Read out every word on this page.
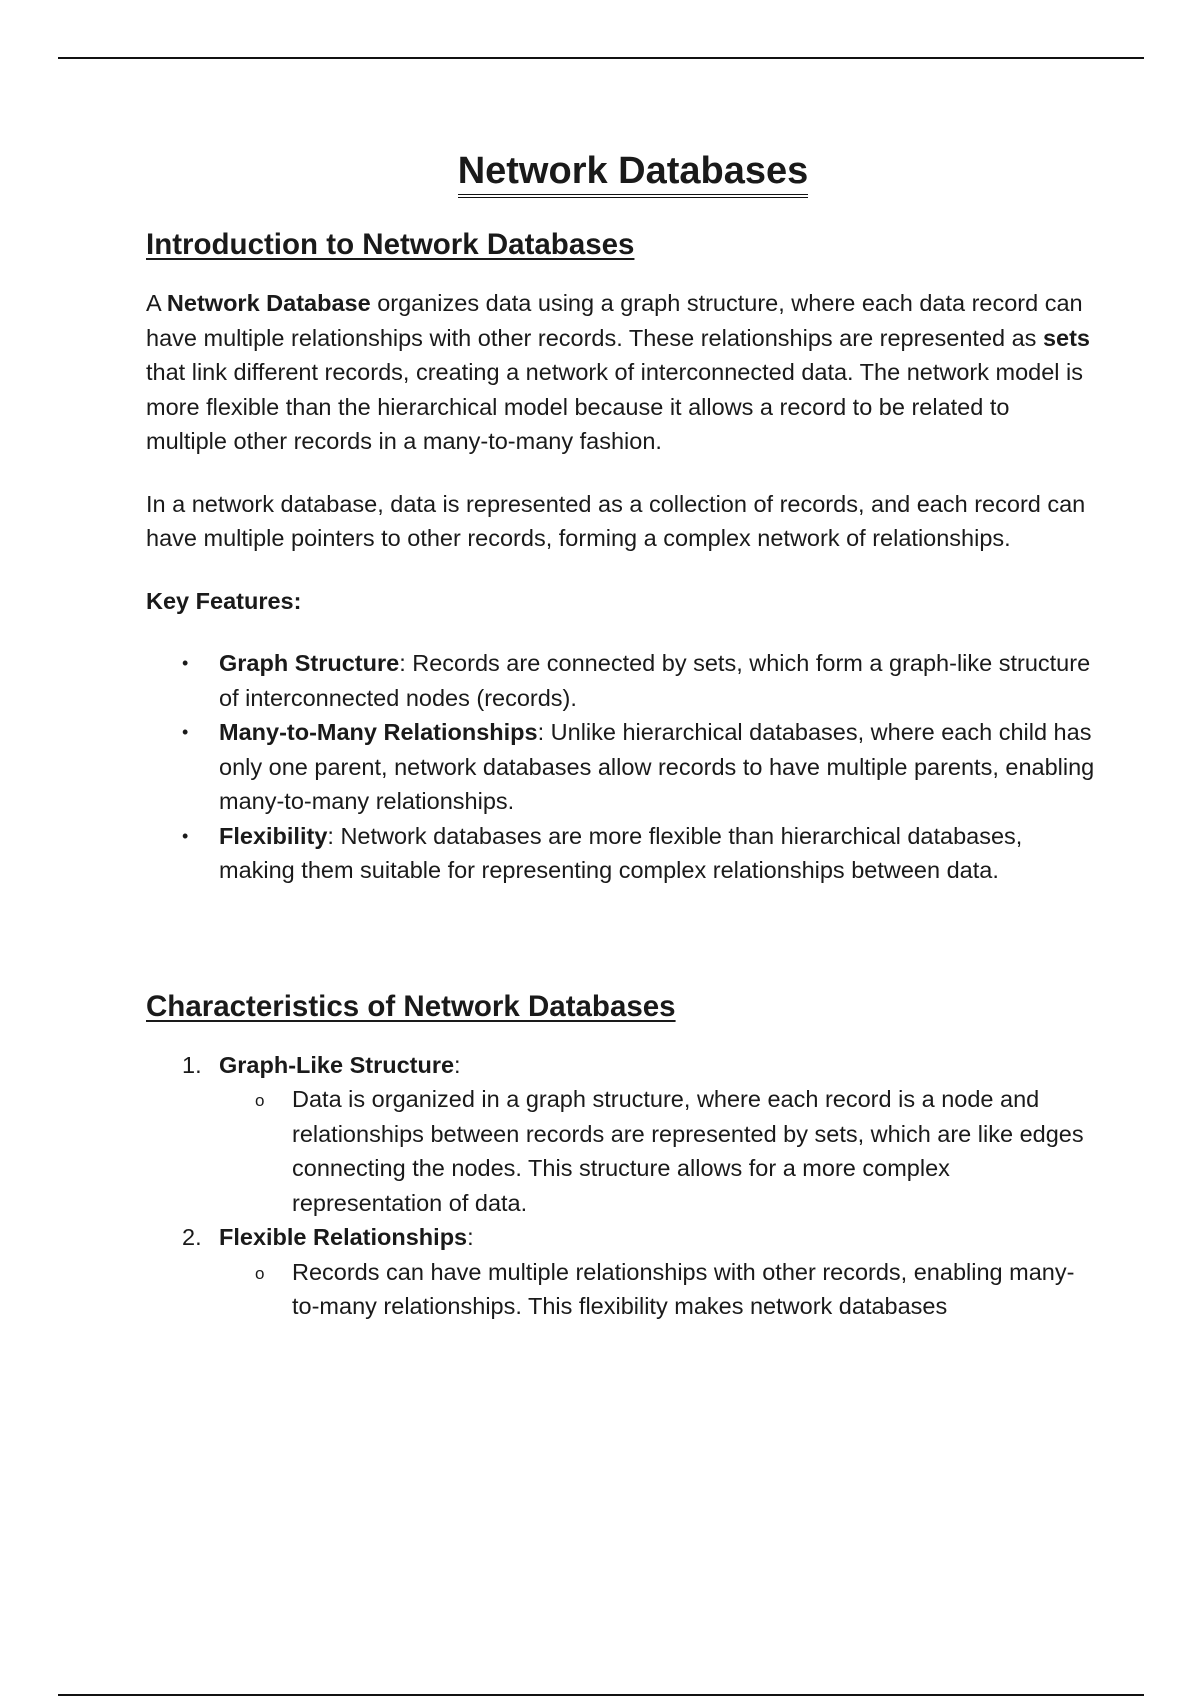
Network Databases
Introduction to Network Databases

A Network Database organizes data using a graph structure, where each data record can have multiple relationships with other records. These relationships are represented as sets that link different records, creating a network of interconnected data. The network model is more flexible than the hierarchical model because it allows a record to be related to multiple other records in a many-to-many fashion.

In a network database, data is represented as a collection of records, and each record can have multiple pointers to other records, forming a complex network of relationships.

Key Features:

• Graph Structure: Records are connected by sets, which form a graph-like structure of interconnected nodes (records).
• Many-to-Many Relationships: Unlike hierarchical databases, where each child has only one parent, network databases allow records to have multiple parents, enabling many-to-many relationships.
• Flexibility: Network databases are more flexible than hierarchical databases, making them suitable for representing complex relationships between data.
Characteristics of Network Databases
1. Graph-Like Structure:
o Data is organized in a graph structure, where each record is a node and relationships between records are represented by sets, which are like edges connecting the nodes. This structure allows for a more complex representation of data.
2. Flexible Relationships:
o Records can have multiple relationships with other records, enabling many-to-many relationships. This flexibility makes network databases
